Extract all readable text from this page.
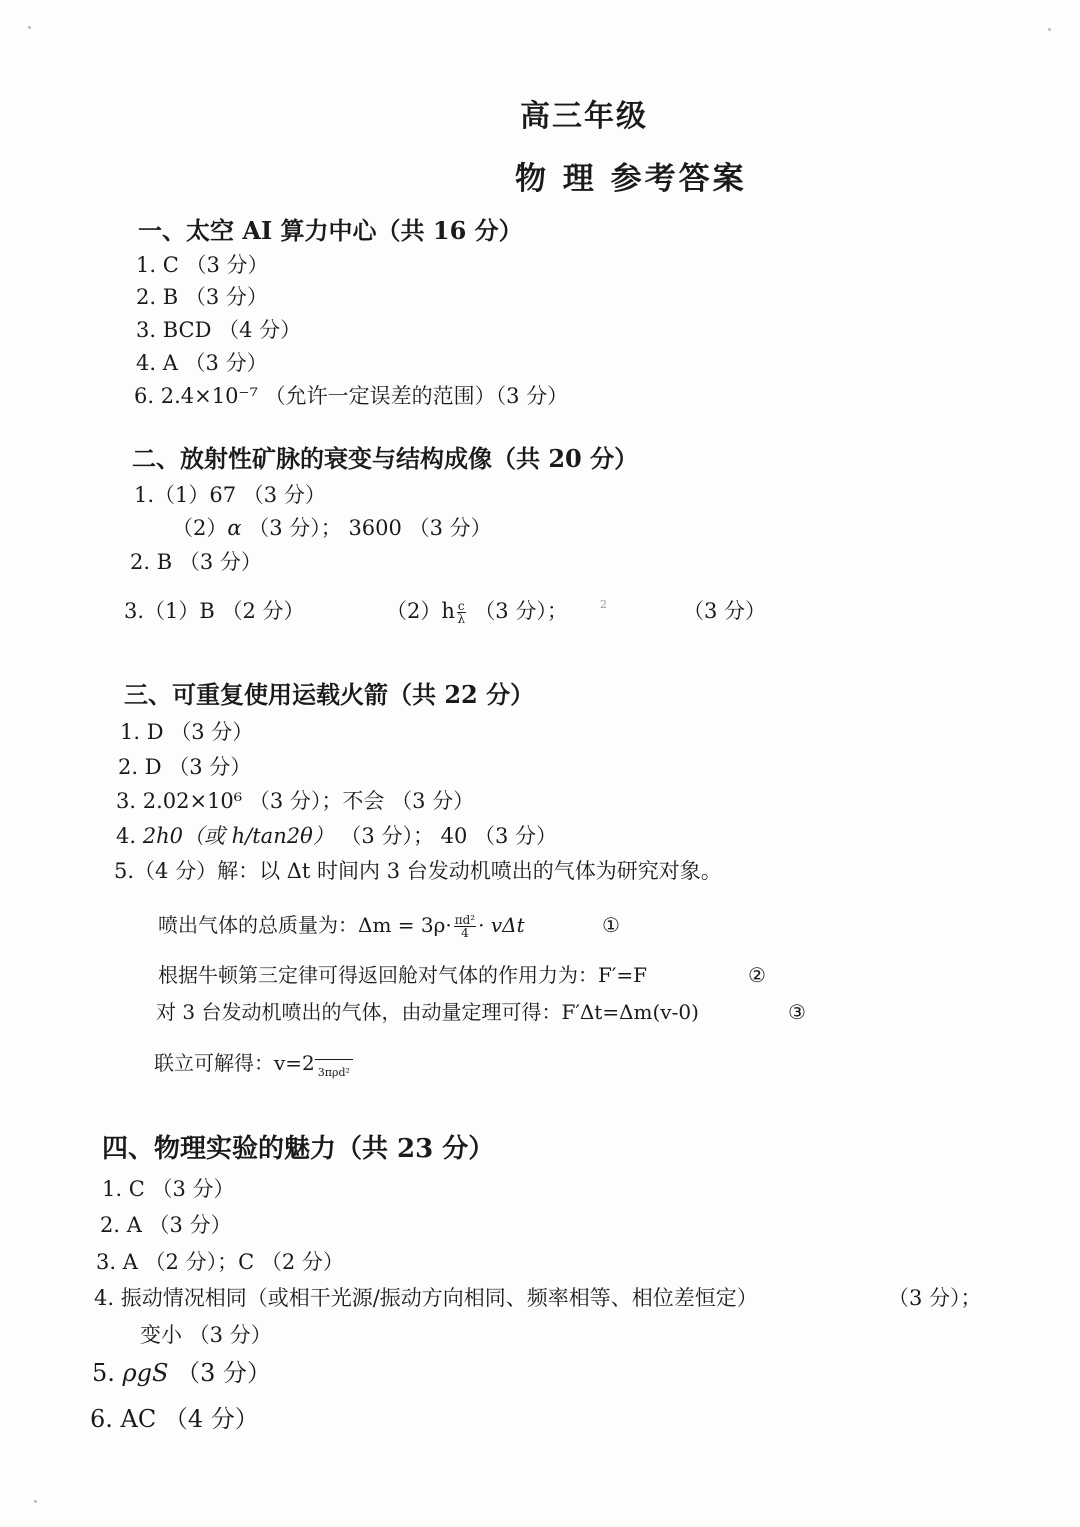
高三年级
物 理 参考答案
一、太空 AI 算力中心（共 16 分）
1. C （3 分）
2. B （3 分）
3. BCD （4 分）
4. A （3 分）
6. 2.4×10⁻⁷ （允许一定误差的范围）（3 分）
二、放射性矿脉的衰变与结构成像（共 20 分）
1.（1）67 （3 分）
（2）α （3 分）； 3600 （3 分）
2. B （3 分）
3.（1）B （2 分）	$(2)h \frac{c}{\lambda} (3$ 分）；	2	（3 分）
三、可重复使用运载火箭（共 22 分）
1. D （3 分）
2. D （3 分）
3. 2.02×10⁶ （3 分）；不会 （3 分）
4. 2h0（或 h/tan2θ） （3 分）； 40 （3 分）
5.（4 分）解：以 Δt 时间内 3 台发动机喷出的气体为研究对象。
喷出气体的总质量为：$\Delta m = 3\rho\cdot \frac{\text{πd²}}{4} \cdot v\Delta t$	①
根据牛顿第三定律可得返回舱对气体的作用力为：F′=F	②
对 3 台发动机喷出的气体，由动量定理可得：F′Δt=Δm(v-0)	③
联立可解得：v=2 3πρd²
四、物理实验的魅力（共 23 分）
1. C （3 分）
2. A （3 分）
3. A （2 分）；C （2 分）
4. 振动情况相同（或相干光源/振动方向相同、频率相等、相位差恒定）	（3 分）；
变小 （3 分）
5. ρgS （3 分）
6. AC （4 分）
